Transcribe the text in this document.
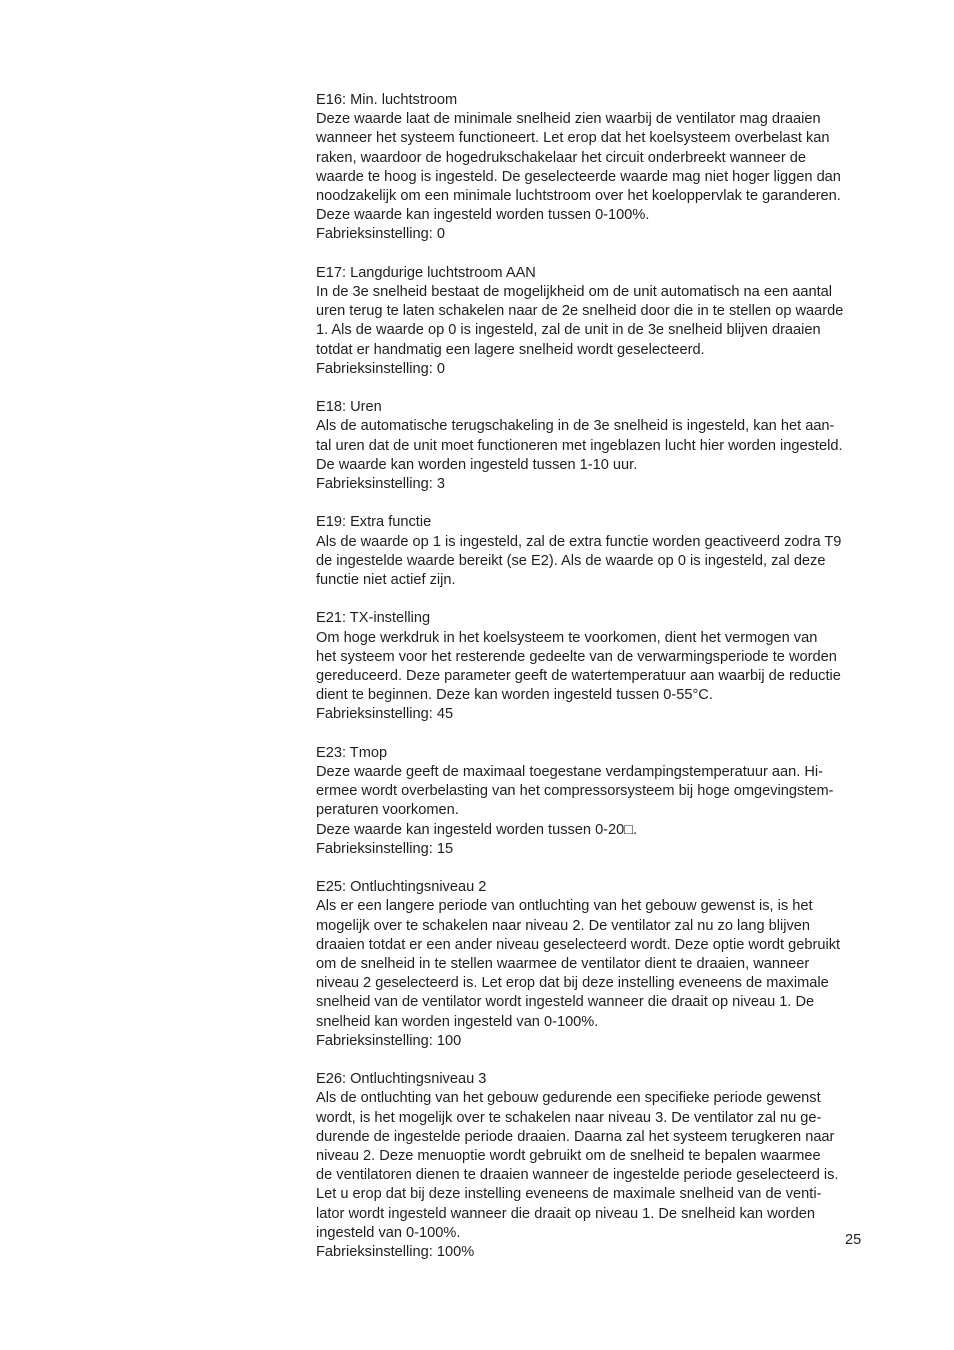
E16: Min. luchtstroom
Deze waarde laat de minimale snelheid zien waarbij de ventilator mag draaien
wanneer het systeem functioneert. Let erop dat het koelsysteem overbelast kan
raken, waardoor de hogedrukschakelaar het circuit onderbreekt wanneer de
waarde te hoog is ingesteld. De geselecteerde waarde mag niet hoger liggen dan
noodzakelijk om een minimale luchtstroom over het koeloppervlak te garanderen.
Deze waarde kan ingesteld worden tussen 0-100%.
Fabrieksinstelling: 0
E17: Langdurige luchtstroom AAN
In de 3e snelheid bestaat de mogelijkheid om de unit automatisch na een aantal
uren terug te laten schakelen naar de 2e snelheid door die in te stellen op waarde
1. Als de waarde op 0 is ingesteld, zal de unit in de 3e snelheid blijven draaien
totdat er handmatig een lagere snelheid wordt geselecteerd.
Fabrieksinstelling: 0
E18: Uren
Als de automatische terugschakeling in de 3e snelheid is ingesteld, kan het aan-
tal uren dat de unit moet functioneren met ingeblazen lucht hier worden ingesteld.
De waarde kan worden ingesteld tussen 1-10 uur.
Fabrieksinstelling: 3
E19: Extra functie
Als de waarde op 1 is ingesteld, zal de extra functie worden geactiveerd zodra T9
de ingestelde waarde bereikt (se E2). Als de waarde op 0 is ingesteld, zal deze
functie niet actief zijn.
E21: TX-instelling
Om hoge werkdruk in het koelsysteem te voorkomen, dient het vermogen van
het systeem voor het resterende gedeelte van de verwarmingsperiode te worden
gereduceerd. Deze parameter geeft de watertemperatuur aan waarbij de reductie
dient te beginnen. Deze kan worden ingesteld tussen 0-55°C.
Fabrieksinstelling: 45
E23: Tmop
Deze waarde geeft de maximaal toegestane verdampingstemperatuur aan. Hi-
ermee wordt overbelasting van het compressorsysteem bij hoge omgevingstem-
peraturen voorkomen.
Deze waarde kan ingesteld worden tussen 0-20□.
Fabrieksinstelling: 15
E25: Ontluchtingsniveau 2
Als er een langere periode van ontluchting van het gebouw gewenst is, is het
mogelijk over te schakelen naar niveau 2. De ventilator zal nu zo lang blijven
draaien totdat er een ander niveau geselecteerd wordt. Deze optie wordt gebruikt
om de snelheid in te stellen waarmee de ventilator dient te draaien, wanneer
niveau 2 geselecteerd is. Let erop dat bij deze instelling eveneens de maximale
snelheid van de ventilator wordt ingesteld wanneer die draait op niveau 1. De
snelheid kan worden ingesteld van 0-100%.
Fabrieksinstelling: 100
E26: Ontluchtingsniveau 3
Als de ontluchting van het gebouw gedurende een specifieke periode gewenst
wordt, is het mogelijk over te schakelen naar niveau 3. De ventilator zal nu ge-
durende de ingestelde periode draaien. Daarna zal het systeem terugkeren naar
niveau 2. Deze menuoptie wordt gebruikt om de snelheid te bepalen waarmee
de ventilatoren dienen te draaien wanneer de ingestelde periode geselecteerd is.
Let u erop dat bij deze instelling eveneens de maximale snelheid van de venti-
lator wordt ingesteld wanneer die draait op niveau 1. De snelheid kan worden
ingesteld van 0-100%.
Fabrieksinstelling: 100%
25
